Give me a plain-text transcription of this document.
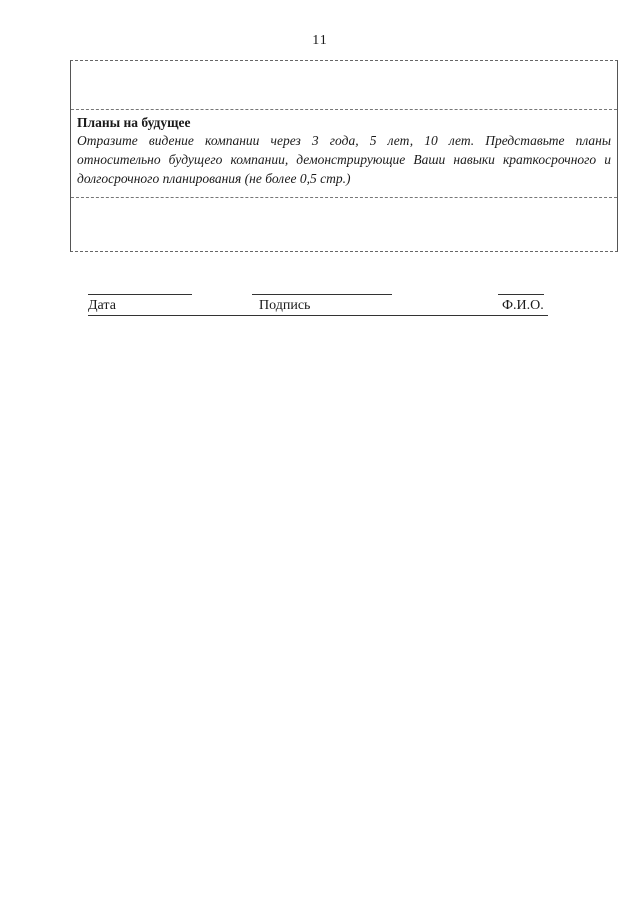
11
Планы на будущее

Отразите видение компании через 3 года, 5 лет, 10 лет. Представьте планы относительно будущего компании, демонстрирующие Ваши навыки краткосрочного и долгосрочного планирования (не более 0,5 стр.)

Дата	Подпись	Ф.И.О.
